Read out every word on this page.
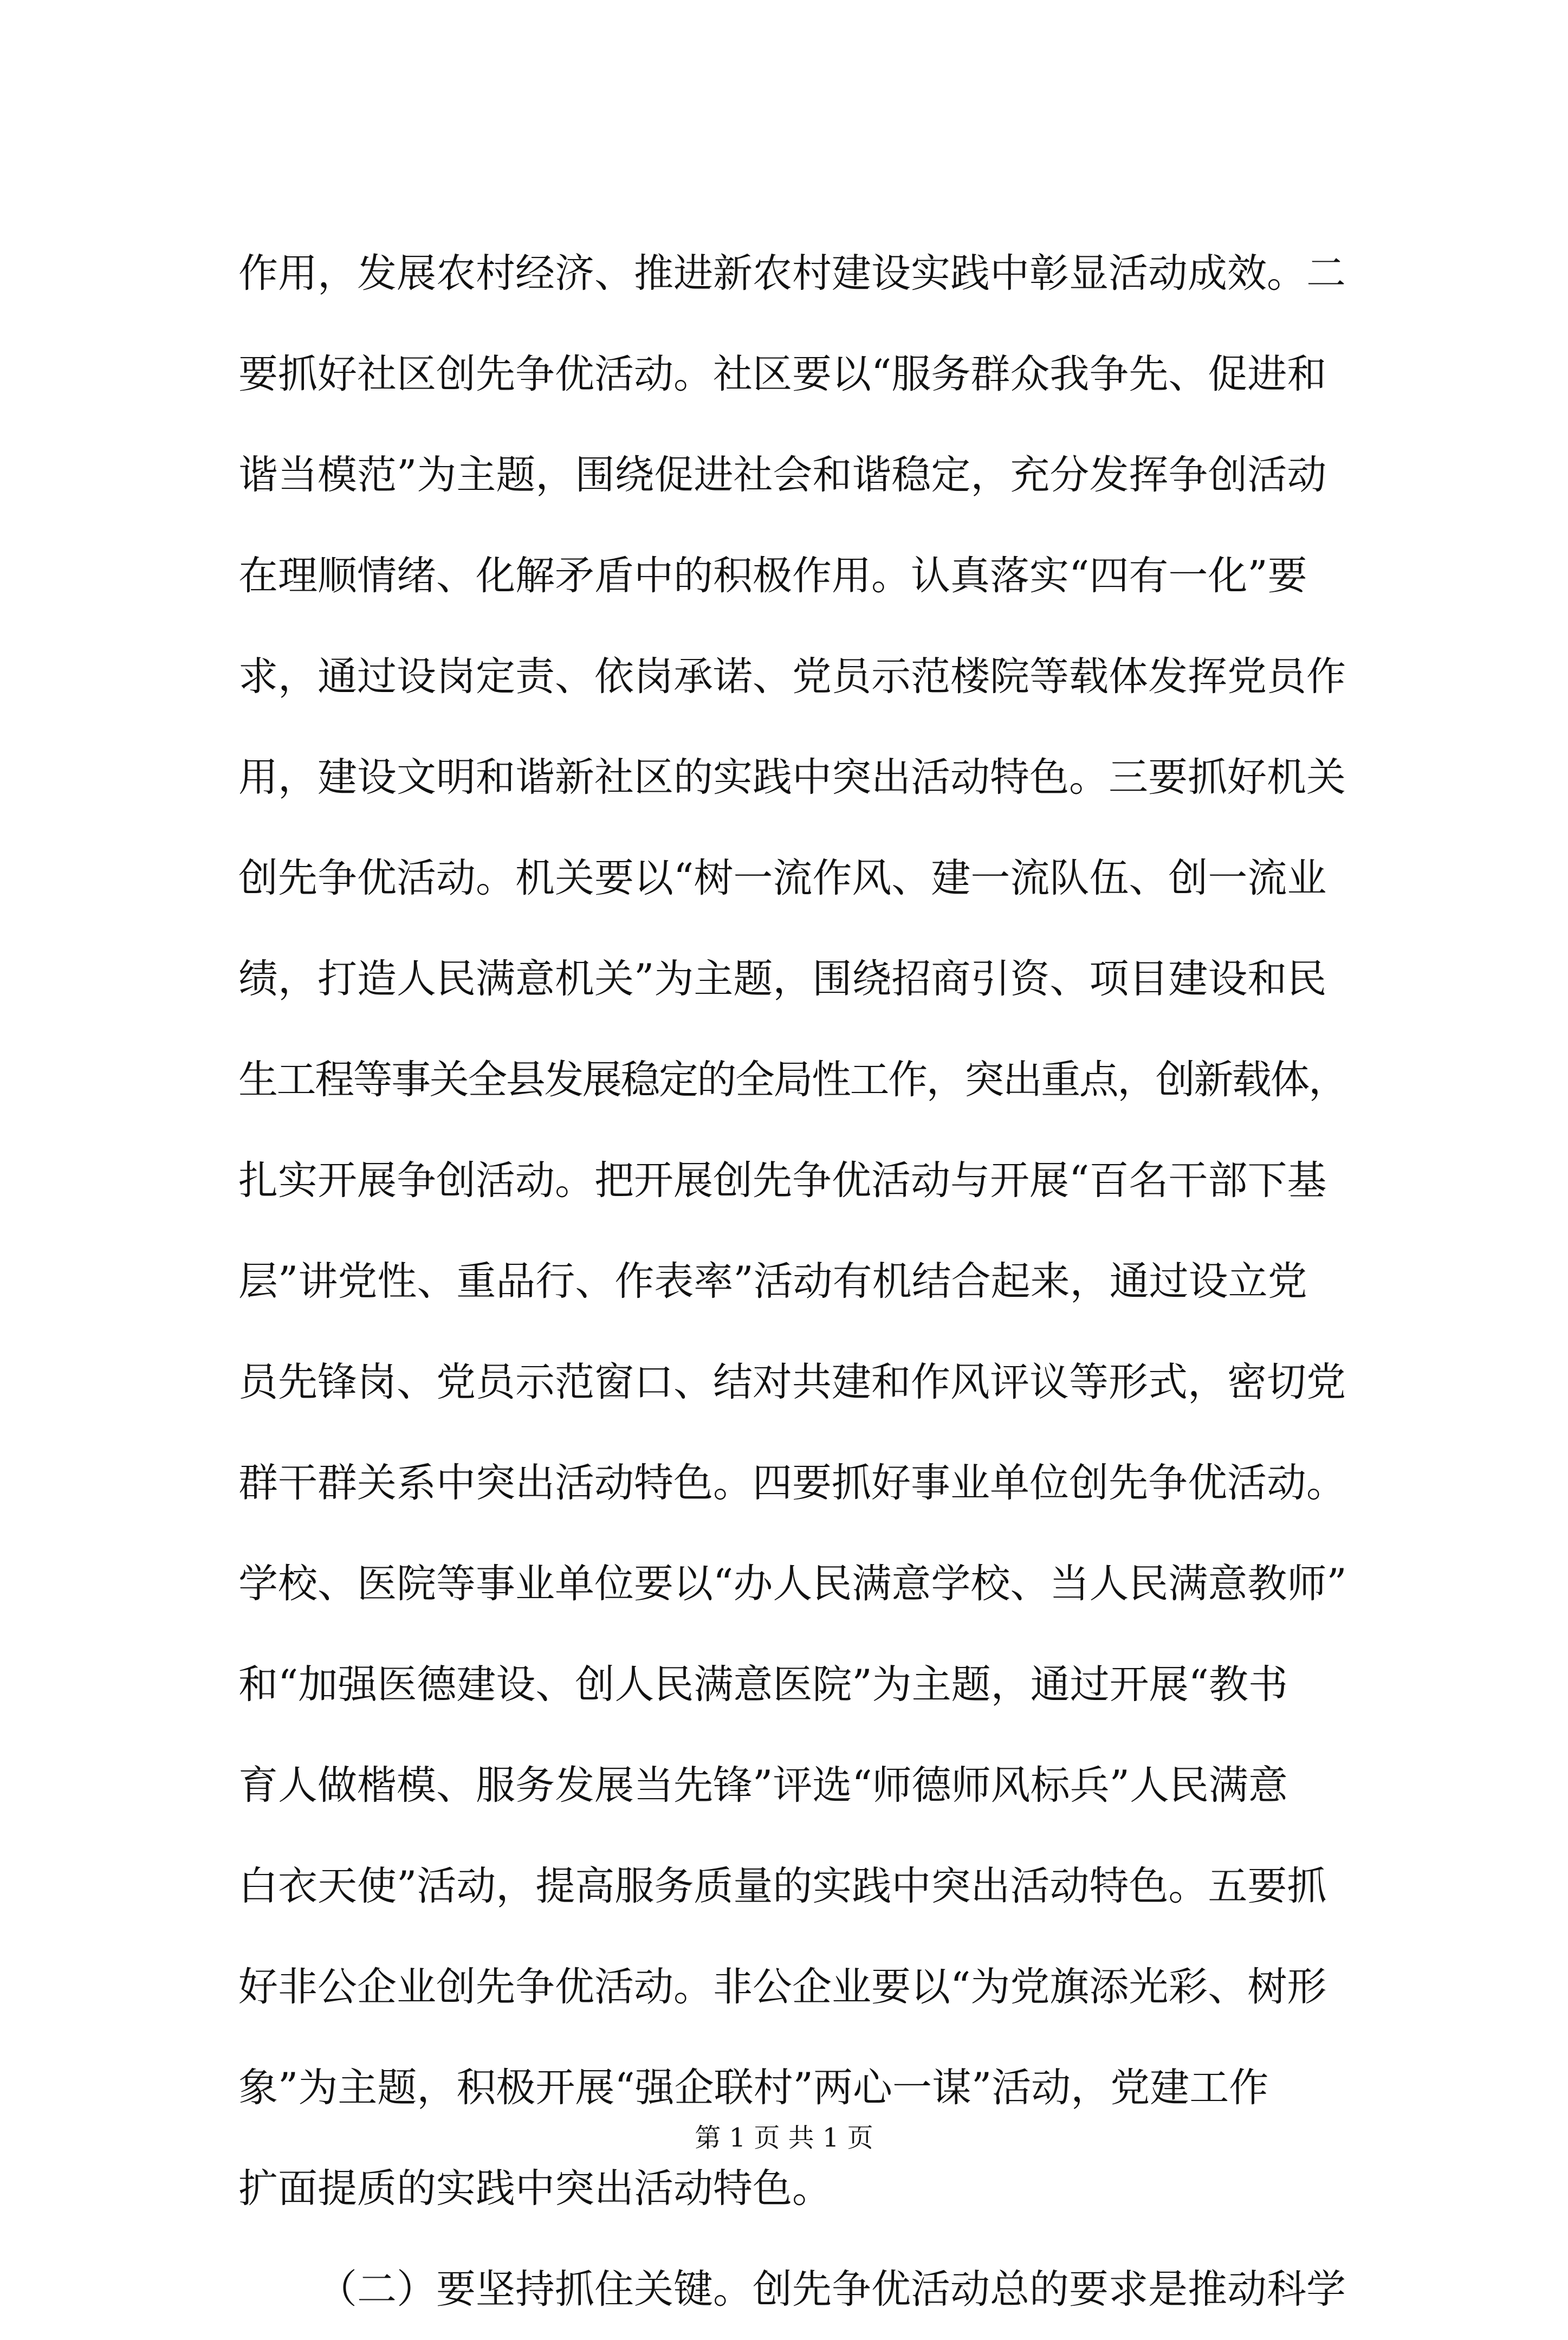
作用，发展农村经济、推进新农村建设实践中彰显活动成效。二
要抓好社区创先争优活动。社区要以“服务群众我争先、促进和
谐当模范”为主题，围绕促进社会和谐稳定，充分发挥争创活动
在理顺情绪、化解矛盾中的积极作用。认真落实“四有一化”要
求，通过设岗定责、依岗承诺、党员示范楼院等载体发挥党员作
用，建设文明和谐新社区的实践中突出活动特色。三要抓好机关
创先争优活动。机关要以“树一流作风、建一流队伍、创一流业
绩，打造人民满意机关”为主题，围绕招商引资、项目建设和民
生工程等事关全县发展稳定的全局性工作，突出重点，创新载体，
扎实开展争创活动。把开展创先争优活动与开展“百名干部下基
层”讲党性、重品行、作表率”活动有机结合起来，通过设立党
员先锋岗、党员示范窗口、结对共建和作风评议等形式，密切党
群干群关系中突出活动特色。四要抓好事业单位创先争优活动。
学校、医院等事业单位要以“办人民满意学校、当人民满意教师”
和“加强医德建设、创人民满意医院”为主题，通过开展“教书
育人做楷模、服务发展当先锋”评选“师德师风标兵”人民满意
白衣天使”活动，提高服务质量的实践中突出活动特色。五要抓
好非公企业创先争优活动。非公企业要以“为党旗添光彩、树形
象”为主题，积极开展“强企联村”两心一谋”活动，党建工作
扩面提质的实践中突出活动特色。
（二）要坚持抓住关键。创先争优活动总的要求是推动科学
第 1 页 共 1 页
